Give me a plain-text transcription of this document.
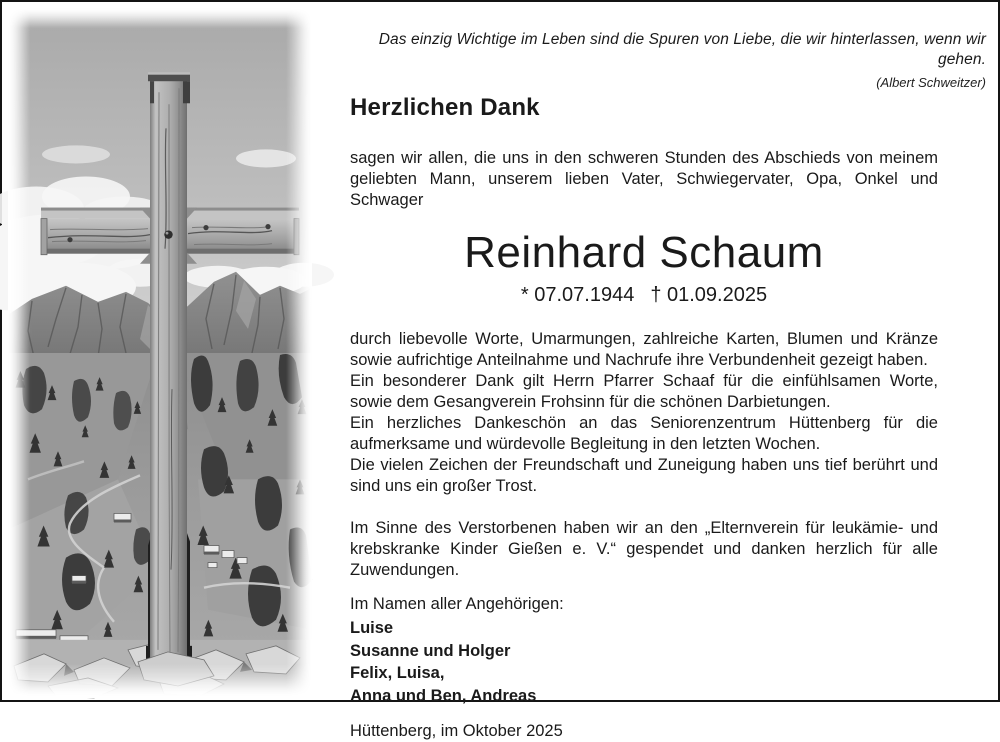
Das einzig Wichtige im Leben sind die Spuren von Liebe, die wir hinterlassen, wenn wir gehen.
(Albert Schweitzer)
Herzlichen Dank
sagen wir allen, die uns in den schweren Stunden des Abschieds von meinem geliebten Mann, unserem lieben Vater, Schwiegervater, Opa, Onkel und Schwager
Reinhard Schaum
* 07.07.1944 † 01.09.2025
durch liebevolle Worte, Umarmungen, zahlreiche Karten, Blumen und Kränze sowie aufrichtige Anteilnahme und Nachrufe ihre Verbundenheit gezeigt haben.
Ein besonderer Dank gilt Herrn Pfarrer Schaaf für die einfühlsamen Worte, sowie dem Gesangverein Frohsinn für die schönen Darbietungen.
Ein herzliches Dankeschön an das Seniorenzentrum Hüttenberg für die aufmerksame und würdevolle Begleitung in den letzten Wochen.
Die vielen Zeichen der Freundschaft und Zuneigung haben uns tief berührt und sind uns ein großer Trost.
Im Sinne des Verstorbenen haben wir an den „Elternverein für leukämie- und krebskranke Kinder Gießen e. V.“ gespendet und danken herzlich für alle Zuwendungen.
Im Namen aller Angehörigen:
Luise
Susanne und Holger
Felix, Luisa,
Anna und Ben, Andreas
Hüttenberg, im Oktober 2025
